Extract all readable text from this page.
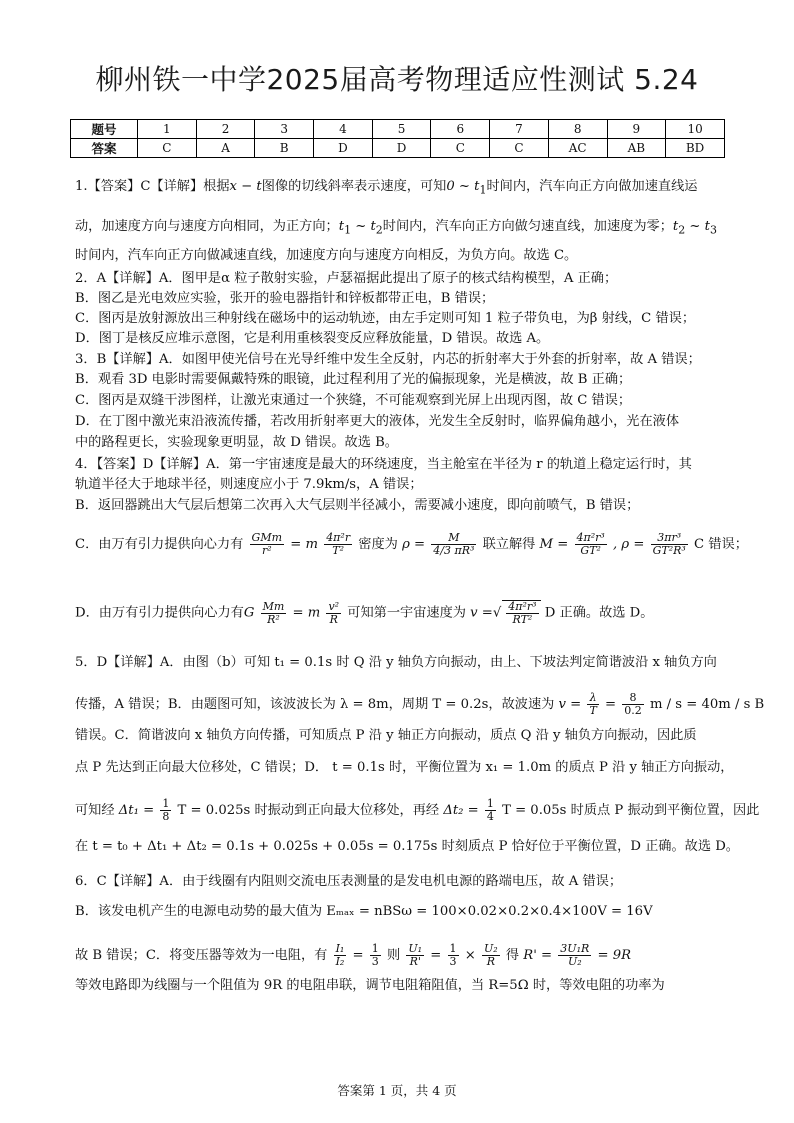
柳州铁一中学2025届高考物理适应性测试 5.24
题号	1	2	3	4	5	6	7	8	9	10
答案	C	A	B	D	D	C	C	AC	AB	BD
1.【答案】C【详解】根据x − t图像的切线斜率表示速度，可知0 ~ $t_1$时间内，汽车向正方向做加速直线运
动，加速度方向与速度方向相同，为正方向；$t_1$ ~ $t_2$时间内，汽车向正方向做匀速直线，加速度为零；$t_2$ ~ $t_3$
时间内，汽车向正方向做减速直线，加速度方向与速度方向相反，为负方向。故选 C。
2．A【详解】A．图甲是α 粒子散射实验，卢瑟福据此提出了原子的核式结构模型，A 正确；
B．图乙是光电效应实验，张开的验电器指针和锌板都带正电，B 错误；
C．图丙是放射源放出三种射线在磁场中的运动轨迹，由左手定则可知 1 粒子带负电，为β 射线，C 错误；
D．图丁是核反应堆示意图，它是利用重核裂变反应释放能量，D 错误。故选 A。
3．B【详解】A．如图甲使光信号在光导纤维中发生全反射，内芯的折射率大于外套的折射率，故 A 错误；
B．观看 3D 电影时需要佩戴特殊的眼镜，此过程利用了光的偏振现象，光是横波，故 B 正确；
C．图丙是双缝干涉图样，让激光束通过一个狭缝，不可能观察到光屏上出现丙图，故 C 错误；
D．在丁图中激光束沿液流传播，若改用折射率更大的液体，光发生全反射时，临界偏角越小，光在液体
中的路程更长，实验现象更明显，故 D 错误。故选 B。
4．【答案】D【详解】A．第一宇宙速度是最大的环绕速度，当主舱室在半径为 r 的轨道上稳定运行时，其
轨道半径大于地球半径，则速度应小于 7.9km/s，A 错误；
B．返回器跳出大气层后想第二次再入大气层则半径减小，需要减小速度，即向前喷气，B 错误；
C．由万有引力提供向心力有 $\frac{\text{GMm}}{\text{r²}} = m \frac{\text{4π²r}}{\text{T²}}$ 密度为 $\rho = \frac{M}{\text{4/3 πR³}}$ 联立解得 $M = \frac{\text{4π²r³}}{\text{GT²}}$ , $\rho = \frac{\text{3πr³}}{\text{GT²R³}}$ C 错误；
D．由万有引力提供向心力有G $\frac{Mm}{\text{R²}} = m \frac{\text{v²}}{R}$ 可知第一宇宙速度为 v =√ $\frac{\text{4π²r³}}{\text{RT²}}$ D 正确。故选 D。
5．D【详解】A．由图（b）可知 t₁ = 0.1s 时 Q 沿 y 轴负方向振动，由上、下坡法判定简谐波沿 x 轴负方向
传播，A 错误；B．由题图可知，该波波长为 λ = 8m，周期 T = 0.2s，故波速为 $v = \frac{\lambda}{T} = \frac{8}{0.2}$ m / s = 40m / s B
错误。C．简谐波向 x 轴负方向传播，可知质点 P 沿 y 轴正方向振动，质点 Q 沿 y 轴负方向振动，因此质
点 P 先达到正向最大位移处，C 错误；D． t = 0.1s 时，平衡位置为 x₁ = 1.0m 的质点 P 沿 y 轴正方向振动，
可知经 $\Delta t_1 = \frac{1}{8}$ T = 0.025s 时振动到正向最大位移处，再经 $\Delta t_2 = \frac{1}{4}$ T = 0.05s 时质点 P 振动到平衡位置，因此
在 t = t₀ + Δt₁ + Δt₂ = 0.1s + 0.025s + 0.05s = 0.175s 时刻质点 P 恰好位于平衡位置，D 正确。故选 D。
6．C【详解】A．由于线圈有内阻则交流电压表测量的是发电机电源的路端电压，故 A 错误；
B．该发电机产生的电源电动势的最大值为 Eₘₐₓ = nBSω = 100×0.02×0.2×0.4×100V = 16V
故 B 错误；C．将变压器等效为一电阻，有 $\frac{\text{I₁}}{\text{I₂}} = \frac{1}{3}$ 则 $\frac{\text{U₁}}{R'} = \frac{1}{3} \times \frac{\text{U₂}}{R}$ 得 $R' = \frac{\text{3U₁R}}{\text{U₂}} = 9R$
等效电路即为线圈与一个阻值为 9R 的电阻串联，调节电阻箱阻值，当 R=5Ω 时，等效电阻的功率为
答案第 1 页，共 4 页
